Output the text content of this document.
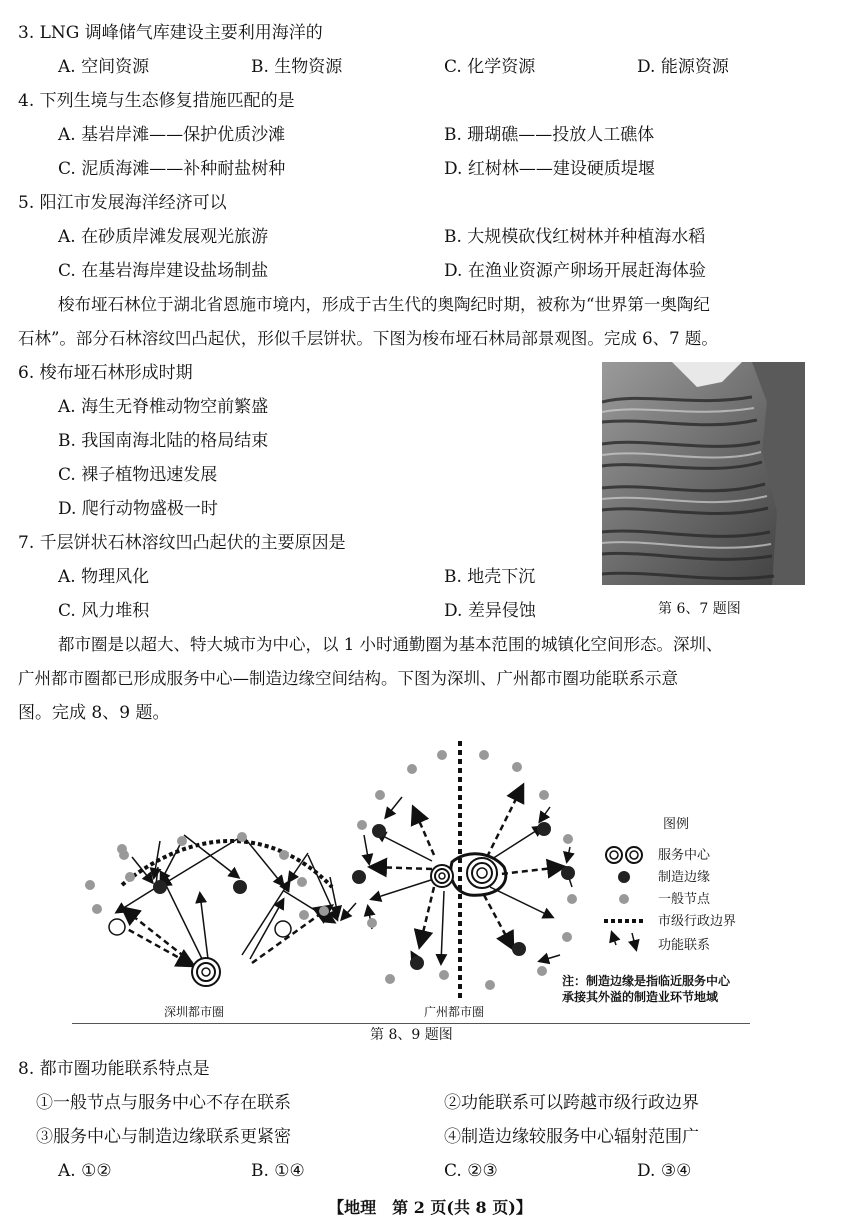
3. LNG 调峰储气库建设主要利用海洋的
A. 空间资源	B. 生物资源	C. 化学资源	D. 能源资源
4. 下列生境与生态修复措施匹配的是
A. 基岩岸滩——保护优质沙滩	B. 珊瑚礁——投放人工礁体
C. 泥质海滩——补种耐盐树种	D. 红树林——建设硬质堤堰
5. 阳江市发展海洋经济可以
A. 在砂质岸滩发展观光旅游	B. 大规模砍伐红树林并种植海水稻
C. 在基岩海岸建设盐场制盐	D. 在渔业资源产卵场开展赶海体验
梭布垭石林位于湖北省恩施市境内，形成于古生代的奥陶纪时期，被称为“世界第一奥陶纪
石林”。部分石林溶纹凹凸起伏，形似千层饼状。下图为梭布垭石林局部景观图。完成 6、7 题。
6. 梭布垭石林形成时期
A. 海生无脊椎动物空前繁盛
B. 我国南海北陆的格局结束
C. 裸子植物迅速发展
D. 爬行动物盛极一时
7. 千层饼状石林溶纹凹凸起伏的主要原因是
A. 物理风化	B. 地壳下沉
C. 风力堆积	D. 差异侵蚀	第 6、7 题图
都市圈是以超大、特大城市为中心，以 1 小时通勤圈为基本范围的城镇化空间形态。深圳、
广州都市圈都已形成服务中心—制造边缘空间结构。下图为深圳、广州都市圈功能联系示意
图。完成 8、9 题。
图例
服务中心
制造边缘
一般节点
市级行政边界
功能联系
注：制造边缘是指临近服务中心
承接其外溢的制造业环节地域
深圳都市圈	广州都市圈
第 8、9 题图
8. 都市圈功能联系特点是
①一般节点与服务中心不存在联系	②功能联系可以跨越市级行政边界
③服务中心与制造边缘联系更紧密	④制造边缘较服务中心辐射范围广
A. ①②	B. ①④	C. ②③	D. ③④
【地理　第 2 页(共 8 页)】
